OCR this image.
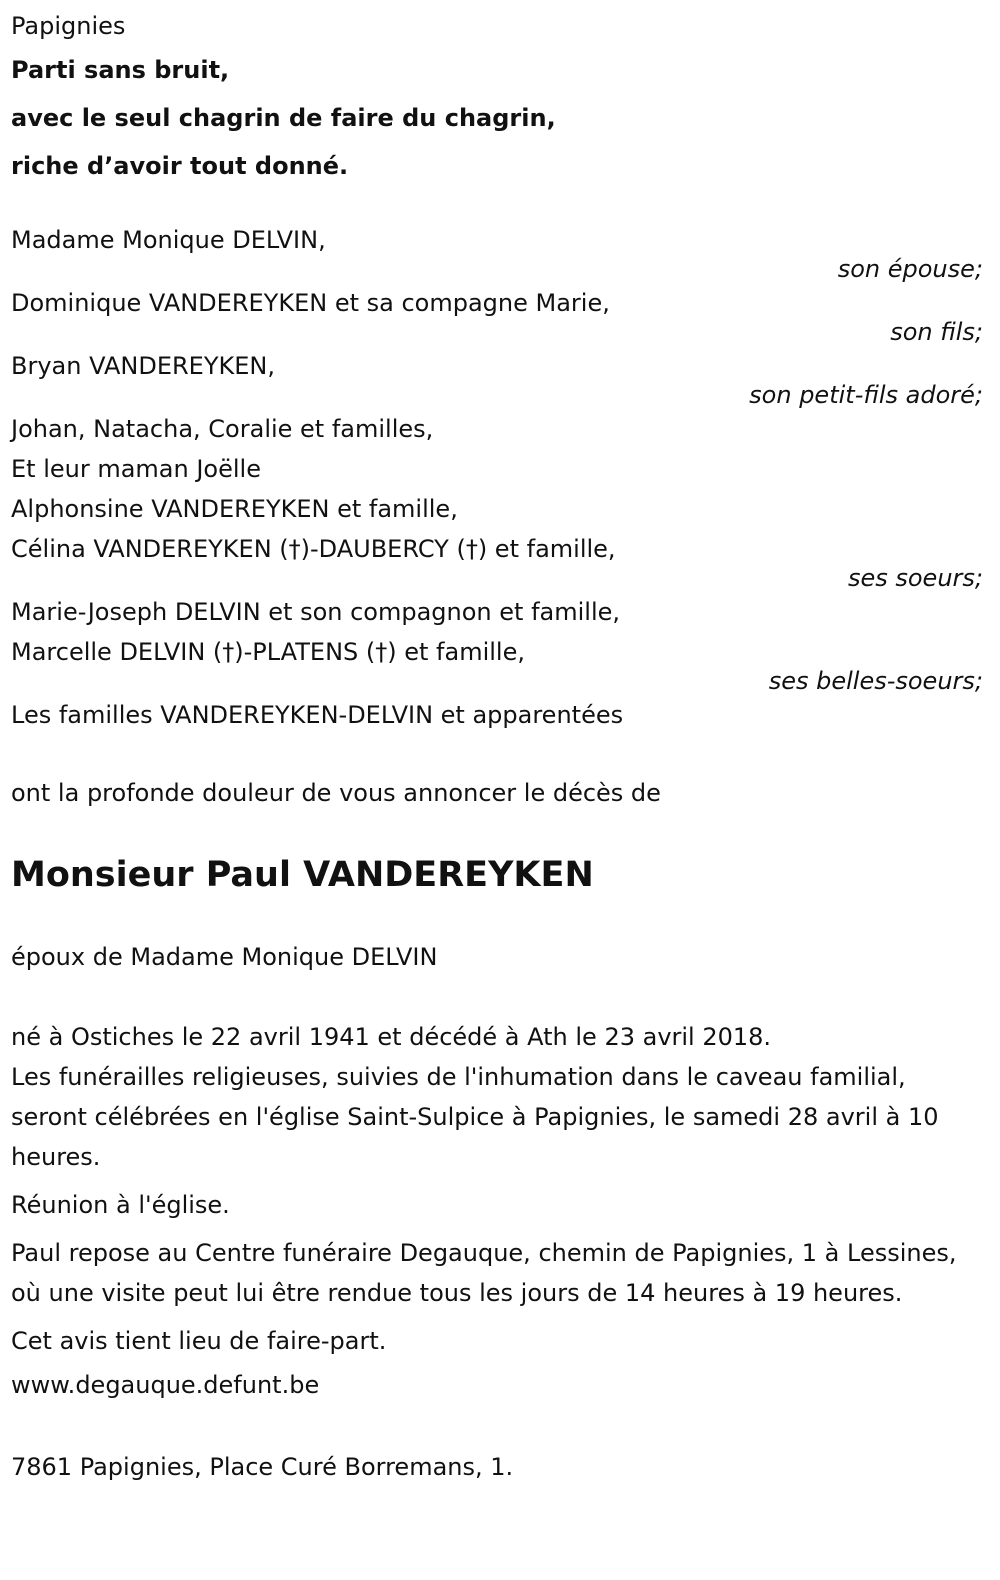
Papignies
Parti sans bruit,
avec le seul chagrin de faire du chagrin,
riche d’avoir tout donné.
Madame Monique DELVIN,
son épouse;
Dominique VANDEREYKEN et sa compagne Marie,
son fils;
Bryan VANDEREYKEN,
son petit-fils adoré;
Johan, Natacha, Coralie et familles,
Et leur maman Joëlle
Alphonsine VANDEREYKEN et famille,
Célina VANDEREYKEN (†)-DAUBERCY (†) et famille,
ses soeurs;
Marie-Joseph DELVIN et son compagnon et famille,
Marcelle DELVIN (†)-PLATENS (†) et famille,
ses belles-soeurs;
Les familles VANDEREYKEN-DELVIN et apparentées
ont la profonde douleur de vous annoncer le décès de
Monsieur Paul VANDEREYKEN
époux de Madame Monique DELVIN
né à Ostiches le 22 avril 1941 et décédé à Ath le 23 avril 2018.
Les funérailles religieuses, suivies de l'inhumation dans le caveau familial, seront célébrées en l'église Saint-Sulpice à Papignies, le samedi 28 avril à 10 heures.
Réunion à l'église.
Paul repose au Centre funéraire Degauque, chemin de Papignies, 1 à Lessines, où une visite peut lui être rendue tous les jours de 14 heures à 19 heures.
Cet avis tient lieu de faire-part.
www.degauque.defunt.be
7861 Papignies, Place Curé Borremans, 1.
